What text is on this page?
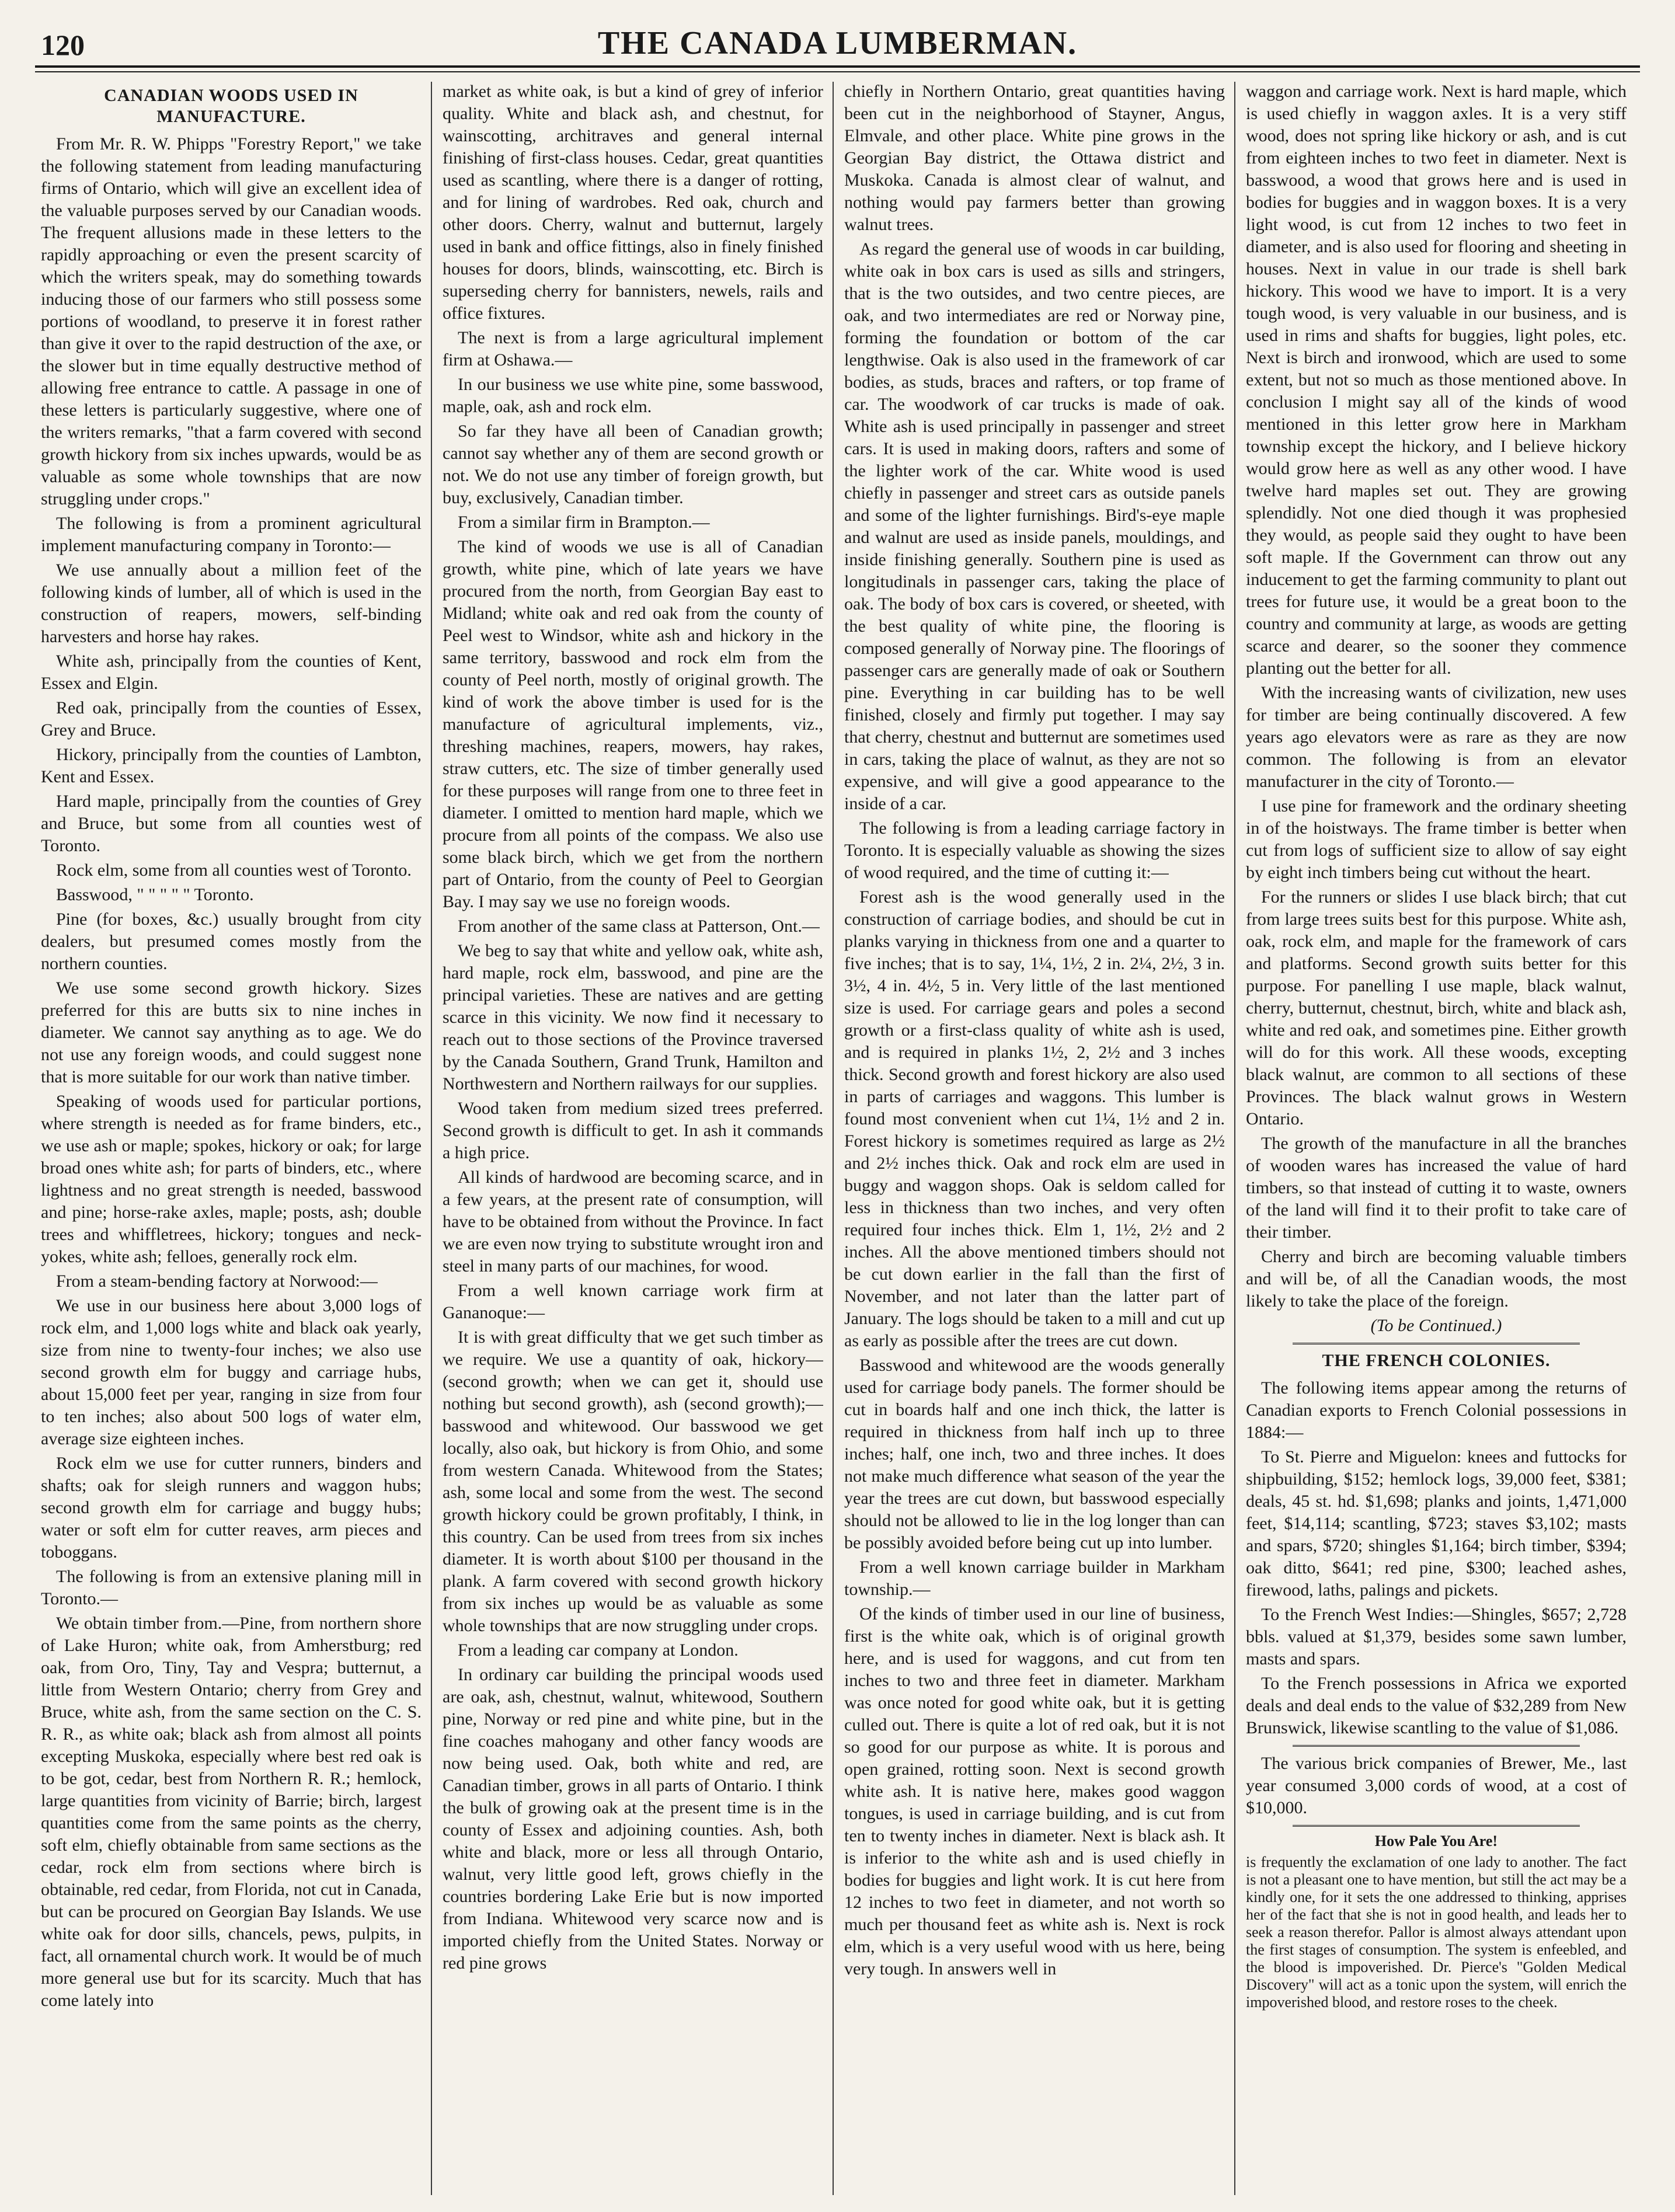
120	THE CANADA LUMBERMAN.
CANADIAN WOODS USED IN MANUFACTURE.

From Mr. R. W. Phipps "Forestry Report," we take the following statement from leading manufacturing firms of Ontario, which will give an excellent idea of the valuable purposes served by our Canadian woods. The frequent allusions made in these letters to the rapidly approaching or even the present scarcity of which the writers speak, may do something towards inducing those of our farmers who still possess some portions of woodland, to preserve it in forest rather than give it over to the rapid destruction of the axe, or the slower but in time equally destructive method of allowing free entrance to cattle. A passage in one of these letters is particularly suggestive, where one of the writers remarks, "that a farm covered with second growth hickory from six inches upwards, would be as valuable as some whole townships that are now struggling under crops."

The following is from a prominent agricultural implement manufacturing company in Toronto:—

We use annually about a million feet of the following kinds of lumber, all of which is used in the construction of reapers, mowers, self-binding harvesters and horse hay rakes.

White ash, principally from the counties of Kent, Essex and Elgin.

Red oak, principally from the counties of Essex, Grey and Bruce.

Hickory, principally from the counties of Lambton, Kent and Essex.

Hard maple, principally from the counties of Grey and Bruce, but some from all counties west of Toronto.

Rock elm, some from all counties west of Toronto.

Basswood, " " " " " Toronto.

Pine (for boxes, &c.) usually brought from city dealers, but presumed comes mostly from the northern counties.

We use some second growth hickory. Sizes preferred for this are butts six to nine inches in diameter. We cannot say anything as to age. We do not use any foreign woods, and could suggest none that is more suitable for our work than native timber.

Speaking of woods used for particular portions, where strength is needed as for frame binders, etc., we use ash or maple; spokes, hickory or oak; for large broad ones white ash; for parts of binders, etc., where lightness and no great strength is needed, basswood and pine; horse-rake axles, maple; posts, ash; double trees and whiffletrees, hickory; tongues and neck-yokes, white ash; felloes, generally rock elm.

From a steam-bending factory at Norwood:—

We use in our business here about 3,000 logs of rock elm, and 1,000 logs white and black oak yearly, size from nine to twenty-four inches; we also use second growth elm for buggy and carriage hubs, about 15,000 feet per year, ranging in size from four to ten inches; also about 500 logs of water elm, average size eighteen inches.

Rock elm we use for cutter runners, binders and shafts; oak for sleigh runners and waggon hubs; second growth elm for carriage and buggy hubs; water or soft elm for cutter reaves, arm pieces and toboggans.

The following is from an extensive planing mill in Toronto.—

We obtain timber from.—Pine, from northern shore of Lake Huron; white oak, from Amherstburg; red oak, from Oro, Tiny, Tay and Vespra; butternut, a little from Western Ontario; cherry from Grey and Bruce, white ash, from the same section on the C. S. R. R., as white oak; black ash from almost all points excepting Muskoka, especially where best red oak is to be got, cedar, best from Northern R. R.; hemlock, large quantities from vicinity of Barrie; birch, largest quantities come from the same points as the cherry, soft elm, chiefly obtainable from same sections as the cedar, rock elm from sections where birch is obtainable, red cedar, from Florida, not cut in Canada, but can be procured on Georgian Bay Islands. We use white oak for door sills, chancels, pews, pulpits, in fact, all ornamental church work. It would be of much more general use but for its scarcity. Much that has come lately into

market as white oak, is but a kind of grey of inferior quality. White and black ash, and chestnut, for wainscotting, architraves and general internal finishing of first-class houses. Cedar, great quantities used as scantling, where there is a danger of rotting, and for lining of wardrobes. Red oak, church and other doors. Cherry, walnut and butternut, largely used in bank and office fittings, also in finely finished houses for doors, blinds, wainscotting, etc. Birch is superseding cherry for bannisters, newels, rails and office fixtures.

The next is from a large agricultural implement firm at Oshawa.—

In our business we use white pine, some basswood, maple, oak, ash and rock elm.

So far they have all been of Canadian growth; cannot say whether any of them are second growth or not. We do not use any timber of foreign growth, but buy, exclusively, Canadian timber.

From a similar firm in Brampton.—

The kind of woods we use is all of Canadian growth, white pine, which of late years we have procured from the north, from Georgian Bay east to Midland; white oak and red oak from the county of Peel west to Windsor, white ash and hickory in the same territory, basswood and rock elm from the county of Peel north, mostly of original growth. The kind of work the above timber is used for is the manufacture of agricultural implements, viz., threshing machines, reapers, mowers, hay rakes, straw cutters, etc. The size of timber generally used for these purposes will range from one to three feet in diameter. I omitted to mention hard maple, which we procure from all points of the compass. We also use some black birch, which we get from the northern part of Ontario, from the county of Peel to Georgian Bay. I may say we use no foreign woods.

From another of the same class at Patterson, Ont.—

We beg to say that white and yellow oak, white ash, hard maple, rock elm, basswood, and pine are the principal varieties. These are natives and are getting scarce in this vicinity. We now find it necessary to reach out to those sections of the Province traversed by the Canada Southern, Grand Trunk, Hamilton and Northwestern and Northern railways for our supplies.

Wood taken from medium sized trees preferred. Second growth is difficult to get. In ash it commands a high price.

All kinds of hardwood are becoming scarce, and in a few years, at the present rate of consumption, will have to be obtained from without the Province. In fact we are even now trying to substitute wrought iron and steel in many parts of our machines, for wood.

From a well known carriage work firm at Gananoque:—

It is with great difficulty that we get such timber as we require. We use a quantity of oak, hickory—(second growth; when we can get it, should use nothing but second growth), ash (second growth);—basswood and whitewood. Our basswood we get locally, also oak, but hickory is from Ohio, and some from western Canada. Whitewood from the States; ash, some local and some from the west. The second growth hickory could be grown profitably, I think, in this country. Can be used from trees from six inches diameter. It is worth about $100 per thousand in the plank. A farm covered with second growth hickory from six inches up would be as valuable as some whole townships that are now struggling under crops.

From a leading car company at London.

In ordinary car building the principal woods used are oak, ash, chestnut, walnut, whitewood, Southern pine, Norway or red pine and white pine, but in the fine coaches mahogany and other fancy woods are now being used. Oak, both white and red, are Canadian timber, grows in all parts of Ontario. I think the bulk of growing oak at the present time is in the county of Essex and adjoining counties. Ash, both white and black, more or less all through Ontario, walnut, very little good left, grows chiefly in the countries bordering Lake Erie but is now imported from Indiana. Whitewood very scarce now and is imported chiefly from the United States. Norway or red pine grows

chiefly in Northern Ontario, great quantities having been cut in the neighborhood of Stayner, Angus, Elmvale, and other place. White pine grows in the Georgian Bay district, the Ottawa district and Muskoka. Canada is almost clear of walnut, and nothing would pay farmers better than growing walnut trees.

As regard the general use of woods in car building, white oak in box cars is used as sills and stringers, that is the two outsides, and two centre pieces, are oak, and two intermediates are red or Norway pine, forming the foundation or bottom of the car lengthwise. Oak is also used in the framework of car bodies, as studs, braces and rafters, or top frame of car. The woodwork of car trucks is made of oak. White ash is used principally in passenger and street cars. It is used in making doors, rafters and some of the lighter work of the car. White wood is used chiefly in passenger and street cars as outside panels and some of the lighter furnishings. Bird's-eye maple and walnut are used as inside panels, mouldings, and inside finishing generally. Southern pine is used as longitudinals in passenger cars, taking the place of oak. The body of box cars is covered, or sheeted, with the best quality of white pine, the flooring is composed generally of Norway pine. The floorings of passenger cars are generally made of oak or Southern pine. Everything in car building has to be well finished, closely and firmly put together. I may say that cherry, chestnut and butternut are sometimes used in cars, taking the place of walnut, as they are not so expensive, and will give a good appearance to the inside of a car.

The following is from a leading carriage factory in Toronto. It is especially valuable as showing the sizes of wood required, and the time of cutting it:—

Forest ash is the wood generally used in the construction of carriage bodies, and should be cut in planks varying in thickness from one and a quarter to five inches; that is to say, 1¼, 1½, 2 in. 2¼, 2½, 3 in. 3½, 4 in. 4½, 5 in. Very little of the last mentioned size is used. For carriage gears and poles a second growth or a first-class quality of white ash is used, and is required in planks 1½, 2, 2½ and 3 inches thick. Second growth and forest hickory are also used in parts of carriages and waggons. This lumber is found most convenient when cut 1¼, 1½ and 2 in. Forest hickory is sometimes required as large as 2½ and 2½ inches thick. Oak and rock elm are used in buggy and waggon shops. Oak is seldom called for less in thickness than two inches, and very often required four inches thick. Elm 1, 1½, 2½ and 2 inches. All the above mentioned timbers should not be cut down earlier in the fall than the first of November, and not later than the latter part of January. The logs should be taken to a mill and cut up as early as possible after the trees are cut down.

Basswood and whitewood are the woods generally used for carriage body panels. The former should be cut in boards half and one inch thick, the latter is required in thickness from half inch up to three inches; half, one inch, two and three inches. It does not make much difference what season of the year the year the trees are cut down, but basswood especially should not be allowed to lie in the log longer than can be possibly avoided before being cut up into lumber.

From a well known carriage builder in Markham township.—

Of the kinds of timber used in our line of business, first is the white oak, which is of original growth here, and is used for waggons, and cut from ten inches to two and three feet in diameter. Markham was once noted for good white oak, but it is getting culled out. There is quite a lot of red oak, but it is not so good for our purpose as white. It is porous and open grained, rotting soon. Next is second growth white ash. It is native here, makes good waggon tongues, is used in carriage building, and is cut from ten to twenty inches in diameter. Next is black ash. It is inferior to the white ash and is used chiefly in bodies for buggies and light work. It is cut here from 12 inches to two feet in diameter, and not worth so much per thousand feet as white ash is. Next is rock elm, which is a very useful wood with us here, being very tough. In answers well in

waggon and carriage work. Next is hard maple, which is used chiefly in waggon axles. It is a very stiff wood, does not spring like hickory or ash, and is cut from eighteen inches to two feet in diameter. Next is basswood, a wood that grows here and is used in bodies for buggies and in waggon boxes. It is a very light wood, is cut from 12 inches to two feet in diameter, and is also used for flooring and sheeting in houses. Next in value in our trade is shell bark hickory. This wood we have to import. It is a very tough wood, is very valuable in our business, and is used in rims and shafts for buggies, light poles, etc. Next is birch and ironwood, which are used to some extent, but not so much as those mentioned above. In conclusion I might say all of the kinds of wood mentioned in this letter grow here in Markham township except the hickory, and I believe hickory would grow here as well as any other wood. I have twelve hard maples set out. They are growing splendidly. Not one died though it was prophesied they would, as people said they ought to have been soft maple. If the Government can throw out any inducement to get the farming community to plant out trees for future use, it would be a great boon to the country and community at large, as woods are getting scarce and dearer, so the sooner they commence planting out the better for all.

With the increasing wants of civilization, new uses for timber are being continually discovered. A few years ago elevators were as rare as they are now common. The following is from an elevator manufacturer in the city of Toronto.—

I use pine for framework and the ordinary sheeting in of the hoistways. The frame timber is better when cut from logs of sufficient size to allow of say eight by eight inch timbers being cut without the heart.

For the runners or slides I use black birch; that cut from large trees suits best for this purpose. White ash, oak, rock elm, and maple for the framework of cars and platforms. Second growth suits better for this purpose. For panelling I use maple, black walnut, cherry, butternut, chestnut, birch, white and black ash, white and red oak, and sometimes pine. Either growth will do for this work. All these woods, excepting black walnut, are common to all sections of these Provinces. The black walnut grows in Western Ontario.

The growth of the manufacture in all the branches of wooden wares has increased the value of hard timbers, so that instead of cutting it to waste, owners of the land will find it to their profit to take care of their timber.

Cherry and birch are becoming valuable timbers and will be, of all the Canadian woods, the most likely to take the place of the foreign.

(To be Continued.)

THE FRENCH COLONIES.

The following items appear among the returns of Canadian exports to French Colonial possessions in 1884:—

To St. Pierre and Miguelon: knees and futtocks for shipbuilding, $152; hemlock logs, 39,000 feet, $381; deals, 45 st. hd. $1,698; planks and joints, 1,471,000 feet, $14,114; scantling, $723; staves $3,102; masts and spars, $720; shingles $1,164; birch timber, $394; oak ditto, $641; red pine, $300; leached ashes, firewood, laths, palings and pickets.

To the French West Indies:—Shingles, $657; 2,728 bbls. valued at $1,379, besides some sawn lumber, masts and spars.

To the French possessions in Africa we exported deals and deal ends to the value of $32,289 from New Brunswick, likewise scantling to the value of $1,086.

The various brick companies of Brewer, Me., last year consumed 3,000 cords of wood, at a cost of $10,000.

How Pale You Are!

is frequently the exclamation of one lady to another. The fact is not a pleasant one to have mention, but still the act may be a kindly one, for it sets the one addressed to thinking, apprises her of the fact that she is not in good health, and leads her to seek a reason therefor. Pallor is almost always attendant upon the first stages of consumption. The system is enfeebled, and the blood is impoverished. Dr. Pierce's "Golden Medical Discovery" will act as a tonic upon the system, will enrich the impoverished blood, and restore roses to the cheek.
